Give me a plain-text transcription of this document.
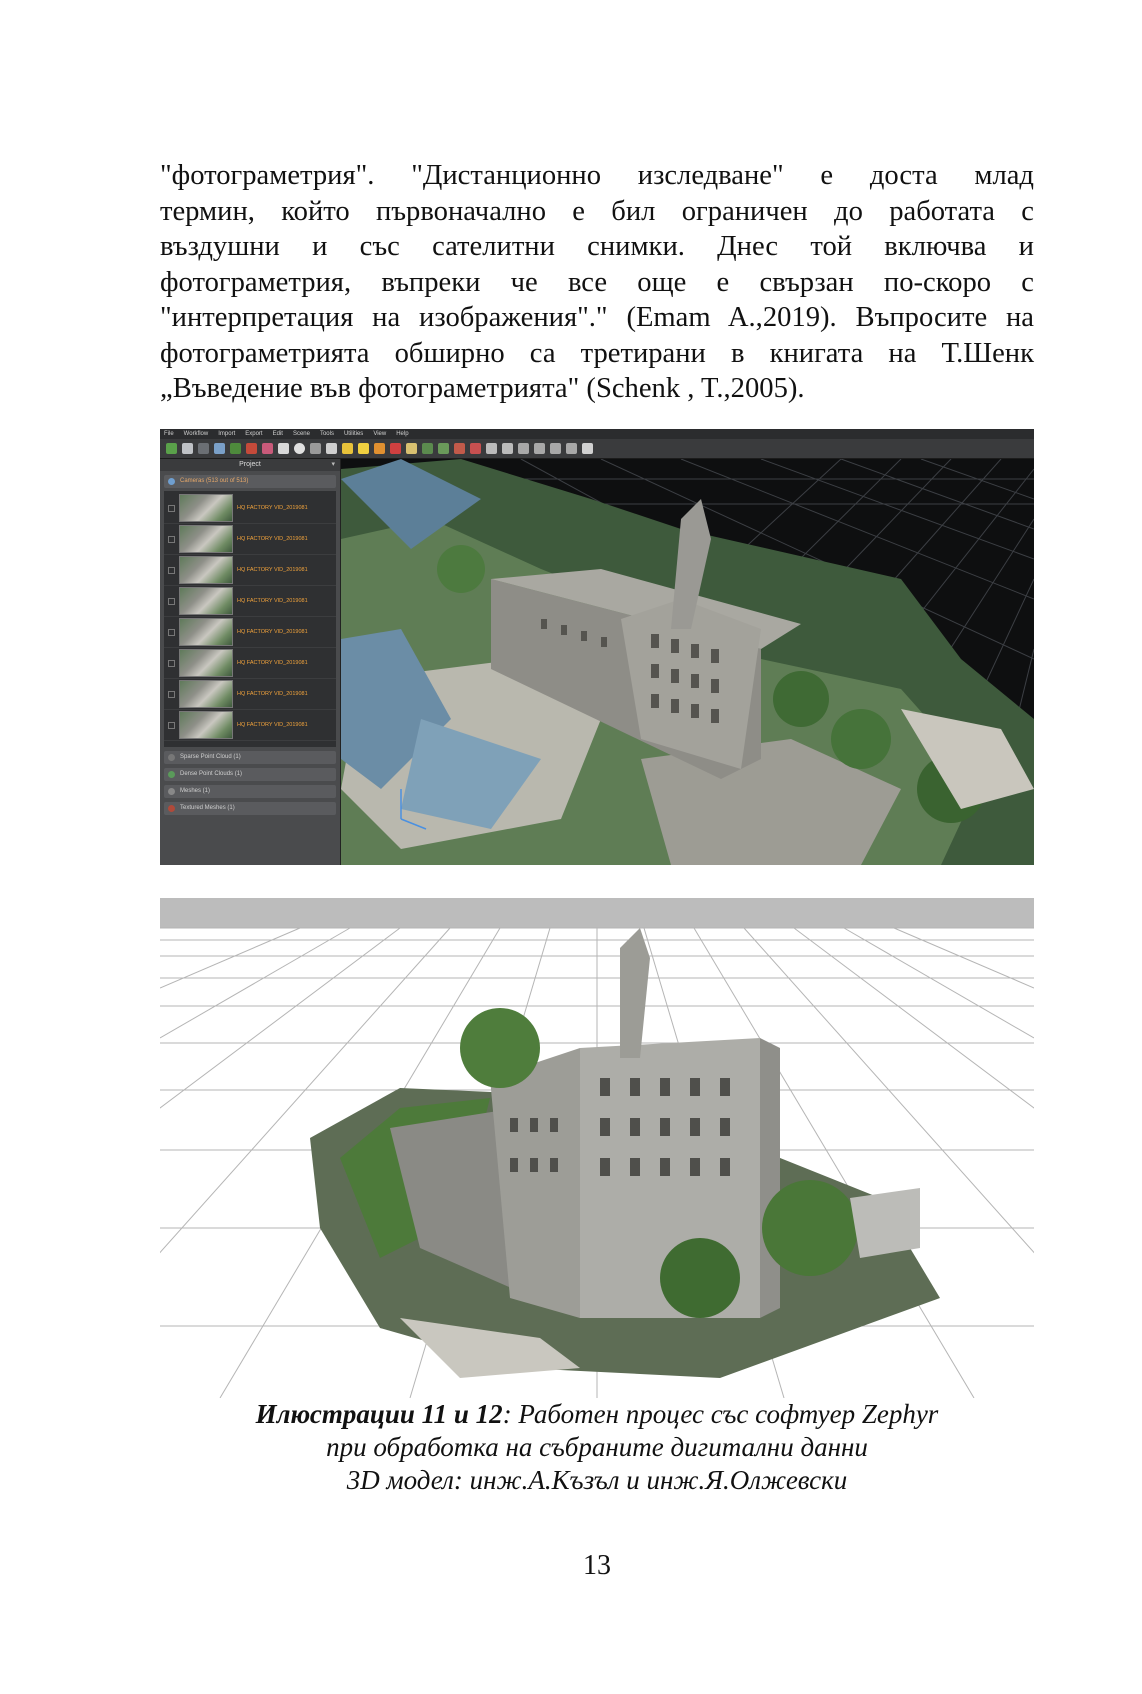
"фотограметрия". "Дистанционно изследване" е доста млад
термин, който първоначално е бил ограничен до работата с
въздушни и със сателитни снимки. Днес той включва и
фотограметрия, въпреки че все още е свързан по-скоро с
"интерпретация на изображения"." (Emam A.,2019). Въпросите на
фотограметрията обширно са третирани в книгата на Т.Шенк
„Въведение във фотограметрията" (Schenk , T.,2005).

File Workflow Import Export Edit Scene Tools Utilities View Help
Project	▾
Cameras (513 out of 513)
HQ FACTORY VID_2019081
HQ FACTORY VID_2019081
HQ FACTORY VID_2019081
HQ FACTORY VID_2019081
HQ FACTORY VID_2019081
HQ FACTORY VID_2019081
HQ FACTORY VID_2019081
HQ FACTORY VID_2019081
Sparse Point Cloud (1)
Dense Point Clouds (1)
Meshes (1)
Textured Meshes (1)
Илюстрации 11 и 12: Работен процес със софтуер Zephyr
при обработка на събраните дигитални данни
3D модел: инж.А.Къзъл и инж.Я.Олжевски
13
